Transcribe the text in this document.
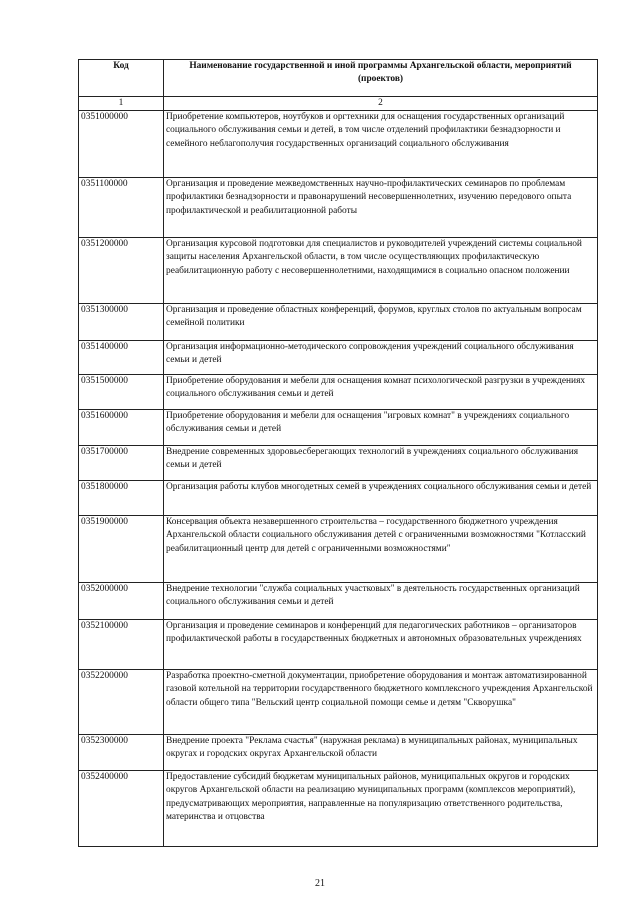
Код	Наименование государственной и иной программы Архангельской области, мероприятий (проектов)
1	2
0351000000	Приобретение компьютеров, ноутбуков и оргтехники для оснащения государственных организаций социального обслуживания семьи и детей, в том числе отделений профилактики безнадзорности и семейного неблагополучия государственных организаций социального обслуживания
0351100000	Организация и проведение межведомственных научно-профилактических семинаров по проблемам профилактики безнадзорности и правонарушений несовершеннолетних, изучению передового опыта профилактической и реабилитационной работы
0351200000	Организация курсовой подготовки для специалистов и руководителей учреждений системы социальной защиты населения Архангельской области, в том числе осуществляющих профилактическую реабилитационную работу с несовершеннолетними, находящимися в социально опасном положении
0351300000	Организация и проведение областных конференций, форумов, круглых столов по актуальным вопросам семейной политики
0351400000	Организация информационно-методического сопровождения учреждений социального обслуживания семьи и детей
0351500000	Приобретение оборудования и мебели для оснащения комнат психологической разгрузки в учреждениях социального обслуживания семьи и детей
0351600000	Приобретение оборудования и мебели для оснащения "игровых комнат" в учреждениях социального обслуживания семьи и детей
0351700000	Внедрение современных здоровьесберегающих технологий в учреждениях социального обслуживания семьи и детей
0351800000	Организация работы клубов многодетных семей в учреждениях социального обслуживания семьи и детей
0351900000	Консервация объекта незавершенного строительства – государственного бюджетного учреждения Архангельской области социального обслуживания детей с ограниченными возможностями "Котласский реабилитационный центр для детей с ограниченными возможностями"
0352000000	Внедрение технологии "служба социальных участковых" в деятельность государственных организаций социального обслуживания семьи и детей
0352100000	Организация и проведение семинаров и конференций для педагогических работников – организаторов профилактической работы в государственных бюджетных и автономных образовательных учреждениях
0352200000	Разработка проектно-сметной документации, приобретение оборудования и монтаж автоматизированной газовой котельной на территории государственного бюджетного комплексного учреждения Архангельской области общего типа "Вельский центр социальной помощи семье и детям "Скворушка"
0352300000	Внедрение проекта "Реклама счастья" (наружная реклама) в муниципальных районах, муниципальных округах и городских округах Архангельской области
0352400000	Предоставление субсидий бюджетам муниципальных районов, муниципальных округов и городских округов Архангельской области на реализацию муниципальных программ (комплексов мероприятий), предусматривающих мероприятия, направленные на популяризацию ответственного родительства, материнства и отцовства
21
